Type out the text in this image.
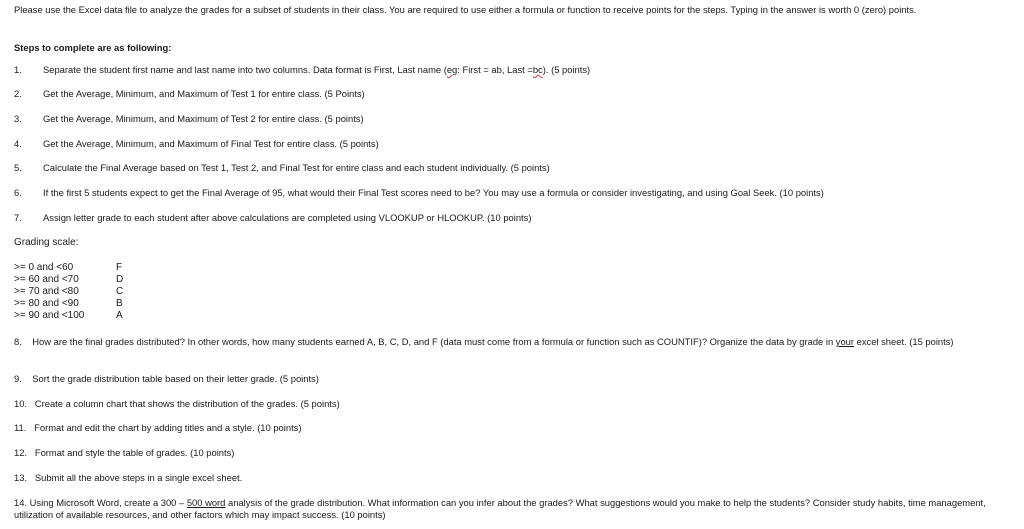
Please use the Excel data file to analyze the grades for a subset of students in their class. You are required to use either a formula or function to receive points for the steps. Typing in the answer is worth 0 (zero) points.
Steps to complete are as following:
1. Separate the student first name and last name into two columns. Data format is First, Last name (eg: First = ab, Last =bc). (5 points)
2. Get the Average, Minimum, and Maximum of Test 1 for entire class. (5 Points)
3. Get the Average, Minimum, and Maximum of Test 2 for entire class. (5 points)
4. Get the Average, Minimum, and Maximum of Final Test for entire class. (5 points)
5. Calculate the Final Average based on Test 1, Test 2, and Final Test for entire class and each student individually. (5 points)
6. If the first 5 students expect to get the Final Average of 95, what would their Final Test scores need to be? You may use a formula or consider investigating, and using Goal Seek. (10 points)
7. Assign letter grade to each student after above calculations are completed using VLOOKUP or HLOOKUP. (10 points)
Grading scale:
>= 0 and <60	F
>= 60 and <70	D
>= 70 and <80	C
>= 80 and <90	B
>= 90 and <100	A
8. How are the final grades distributed? In other words, how many students earned A, B, C, D, and F (data must come from a formula or function such as COUNTIF)? Organize the data by grade in your excel sheet. (15 points)
9.    Sort the grade distribution table based on their letter grade. (5 points)
10.   Create a column chart that shows the distribution of the grades. (5 points)
11.   Format and edit the chart by adding titles and a style. (10 points)
12.   Format and style the table of grades. (10 points)
13.   Submit all the above steps in a single excel sheet.
14. Using Microsoft Word, create a 300 – 500 word analysis of the grade distribution. What information can you infer about the grades? What suggestions would you make to help the students? Consider study habits, time management, utilization of available resources, and other factors which may impact success. (10 points)
